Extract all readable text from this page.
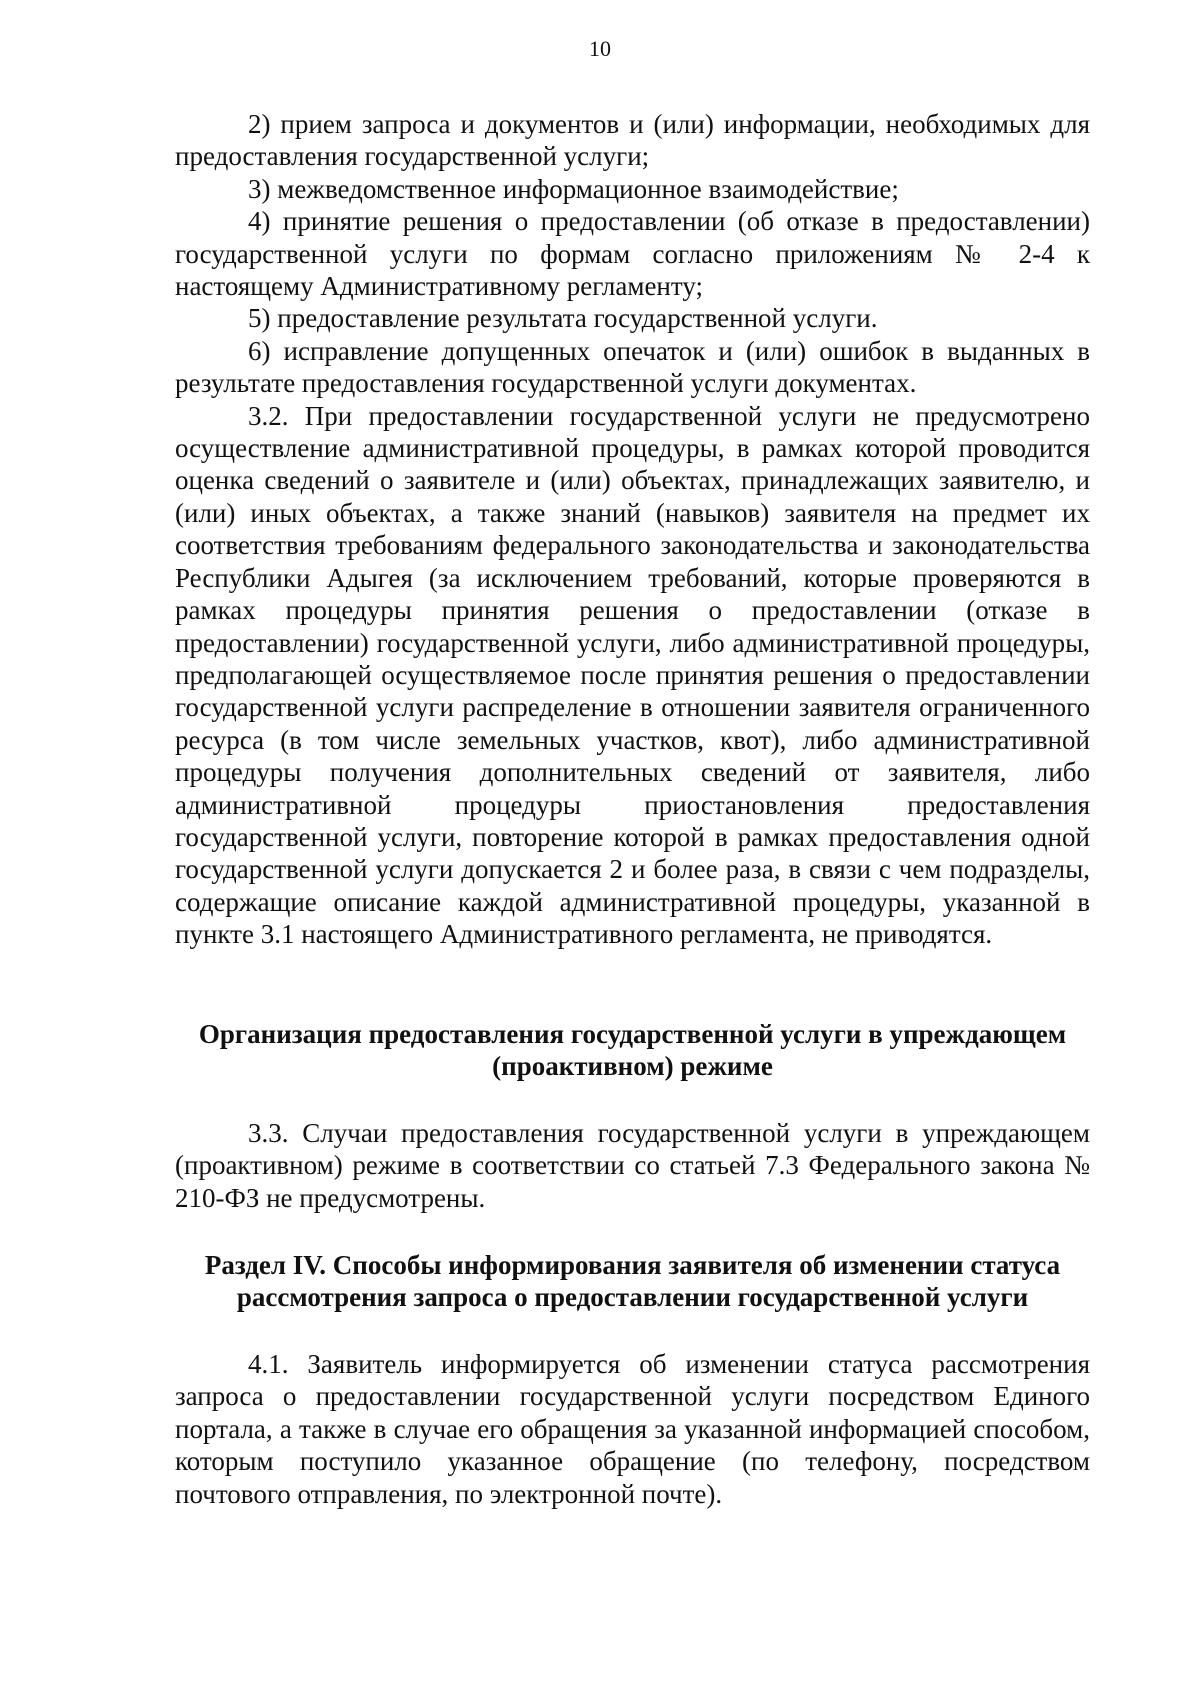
10

2) прием запроса и документов и (или) информации, необходимых для предоставления государственной услуги;

3) межведомственное информационное взаимодействие;

4) принятие решения о предоставлении (об отказе в предоставлении) государственной услуги по формам согласно приложениям № 2-4 к настоящему Административному регламенту;

5) предоставление результата государственной услуги.

6) исправление допущенных опечаток и (или) ошибок в выданных в результате предоставления государственной услуги документах.

3.2. При предоставлении государственной услуги не предусмотрено осуществление административной процедуры, в рамках которой проводится оценка сведений о заявителе и (или) объектах, принадлежащих заявителю, и (или) иных объектах, а также знаний (навыков) заявителя на предмет их соответствия требованиям федерального законодательства и законодательства Республики Адыгея (за исключением требований, которые проверяются в рамках процедуры принятия решения о предоставлении (отказе в предоставлении) государственной услуги, либо административной процедуры, предполагающей осуществляемое после принятия решения о предоставлении государственной услуги распределение в отношении заявителя ограниченного ресурса (в том числе земельных участков, квот), либо административной процедуры получения дополнительных сведений от заявителя, либо административной процедуры приостановления предоставления государственной услуги, повторение которой в рамках предоставления одной государственной услуги допускается 2 и более раза, в связи с чем подразделы, содержащие описание каждой административной процедуры, указанной в пункте 3.1 настоящего Административного регламента, не приводятся.

Организация предоставления государственной услуги в упреждающем (проактивном) режиме

3.3. Случаи предоставления государственной услуги в упреждающем (проактивном) режиме в соответствии со статьей 7.3 Федерального закона № 210-ФЗ не предусмотрены.

Раздел IV. Способы информирования заявителя об изменении статуса рассмотрения запроса о предоставлении государственной услуги

4.1. Заявитель информируется об изменении статуса рассмотрения запроса о предоставлении государственной услуги посредством Единого портала, а также в случае его обращения за указанной информацией способом, которым поступило указанное обращение (по телефону, посредством почтового отправления, по электронной почте).
